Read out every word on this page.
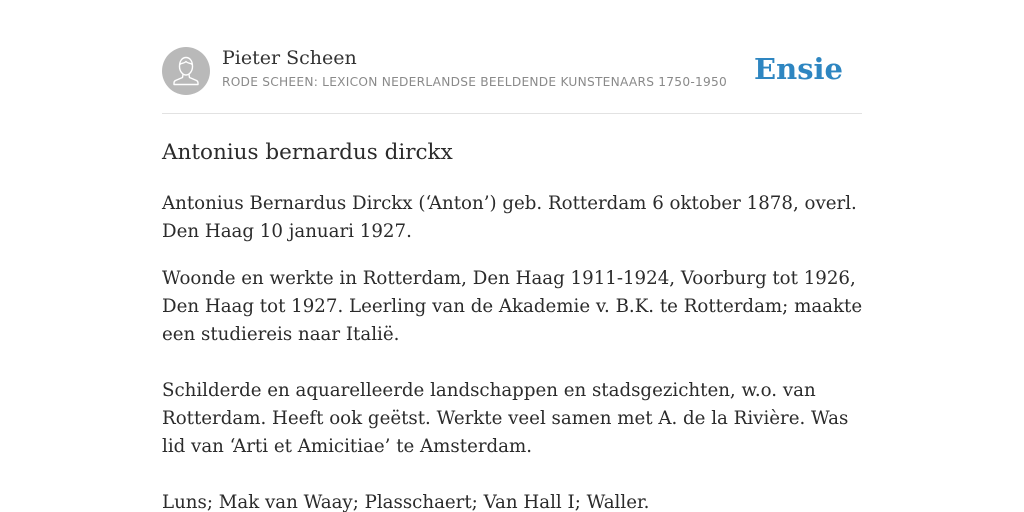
Pieter Scheen
RODE SCHEEN: LEXICON NEDERLANDSE BEELDENDE KUNSTENAARS 1750-1950 Ensie
Antonius bernardus dirckx

Antonius Bernardus Dirckx (‘Anton’) geb. Rotterdam 6 oktober 1878, overl. Den Haag 10 januari 1927.

Woonde en werkte in Rotterdam, Den Haag 1911-1924, Voorburg tot 1926, Den Haag tot 1927. Leerling van de Akademie v. B.K. te Rotterdam; maakte een studiereis naar Italië.

Schilderde en aquarelleerde landschappen en stadsgezichten, w.o. van Rotterdam. Heeft ook geëtst. Werkte veel samen met A. de la Rivière. Was lid van ‘Arti et Amicitiae’ te Amsterdam.

Luns; Mak van Waay; Plasschaert; Van Hall I; Waller.
